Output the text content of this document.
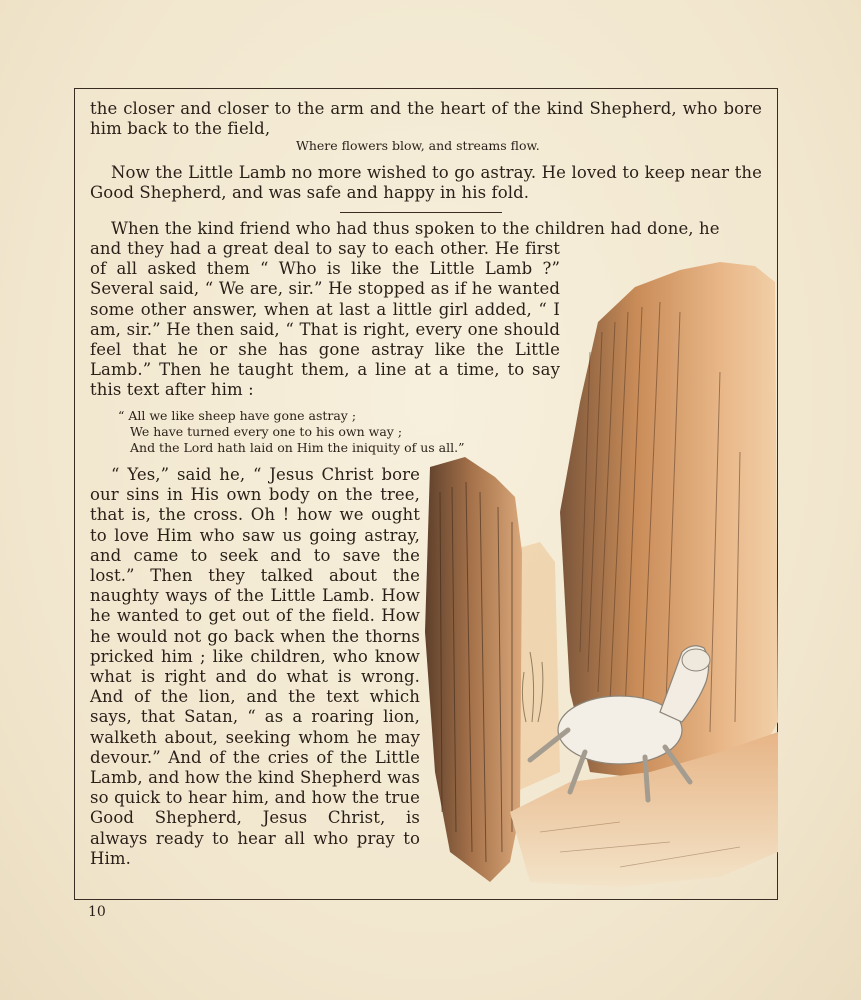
the closer and closer to the arm and the heart of the kind Shepherd, who bore him back to the field,
Where flowers blow, and streams flow.
Now the Little Lamb no more wished to go astray. He loved to keep near the Good Shepherd, and was safe and happy in his fold.
When the kind friend who had thus spoken to the children had done, he
and they had a great deal to say to each other. He first of all asked them “ Who is like the Little Lamb ?” Several said, “ We are, sir.” He stopped as if he wanted some other answer, when at last a little girl added, “ I am, sir.” He then said, “ That is right, every one should feel that he or she has gone astray like the Little Lamb.” Then he taught them, a line at a time, to say this text after him :
“ All we like sheep have gone astray ;
We have turned every one to his own way ;
And the Lord hath laid on Him the iniquity of us all.”
“ Yes,” said he, “ Jesus Christ bore our sins in His own body on the tree, that is, the cross. Oh ! how we ought to love Him who saw us going astray, and came to seek and to save the lost.” Then they talked about the naughty ways of the Little Lamb. How he wanted to get out of the field. How he would not go back when the thorns pricked him ; like children, who know what is right and do what is wrong. And of the lion, and the text which says, that Satan, “ as a roaring lion, walketh about, seeking whom he may devour.” And of the cries of the Little Lamb, and how the kind Shepherd was so quick to hear him, and how the true Good Shepherd, Jesus Christ, is always ready to hear all who pray to Him.
10
